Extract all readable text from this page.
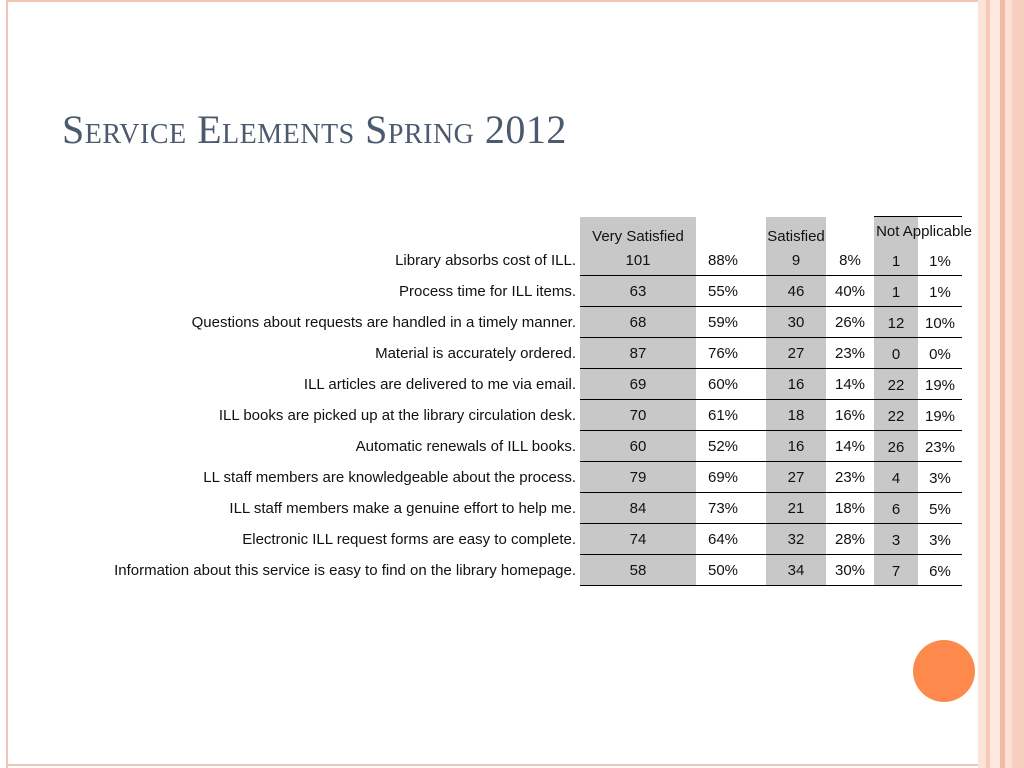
Service Elements Spring 2012
	Very Satisfied			Satisfied			Not Applicable

Library absorbs cost of ILL.	101	88%		9	8%	1	1%
Process time for ILL items.	63	55%		46	40%	1	1%
Questions about requests are handled in a timely manner.	68	59%		30	26%	12	10%
Material is accurately ordered.	87	76%		27	23%	0	0%
ILL articles are delivered to me via email.	69	60%		16	14%	22	19%
ILL books are picked up at the library circulation desk.	70	61%		18	16%	22	19%
Automatic renewals of ILL books.	60	52%		16	14%	26	23%
LL staff members are knowledgeable about the process.	79	69%		27	23%	4	3%
ILL staff members make a genuine effort to help me.	84	73%		21	18%	6	5%
Electronic ILL request forms are easy to complete.	74	64%		32	28%	3	3%
Information about this service is easy to find on the library homepage.	58	50%		34	30%	7	6%
